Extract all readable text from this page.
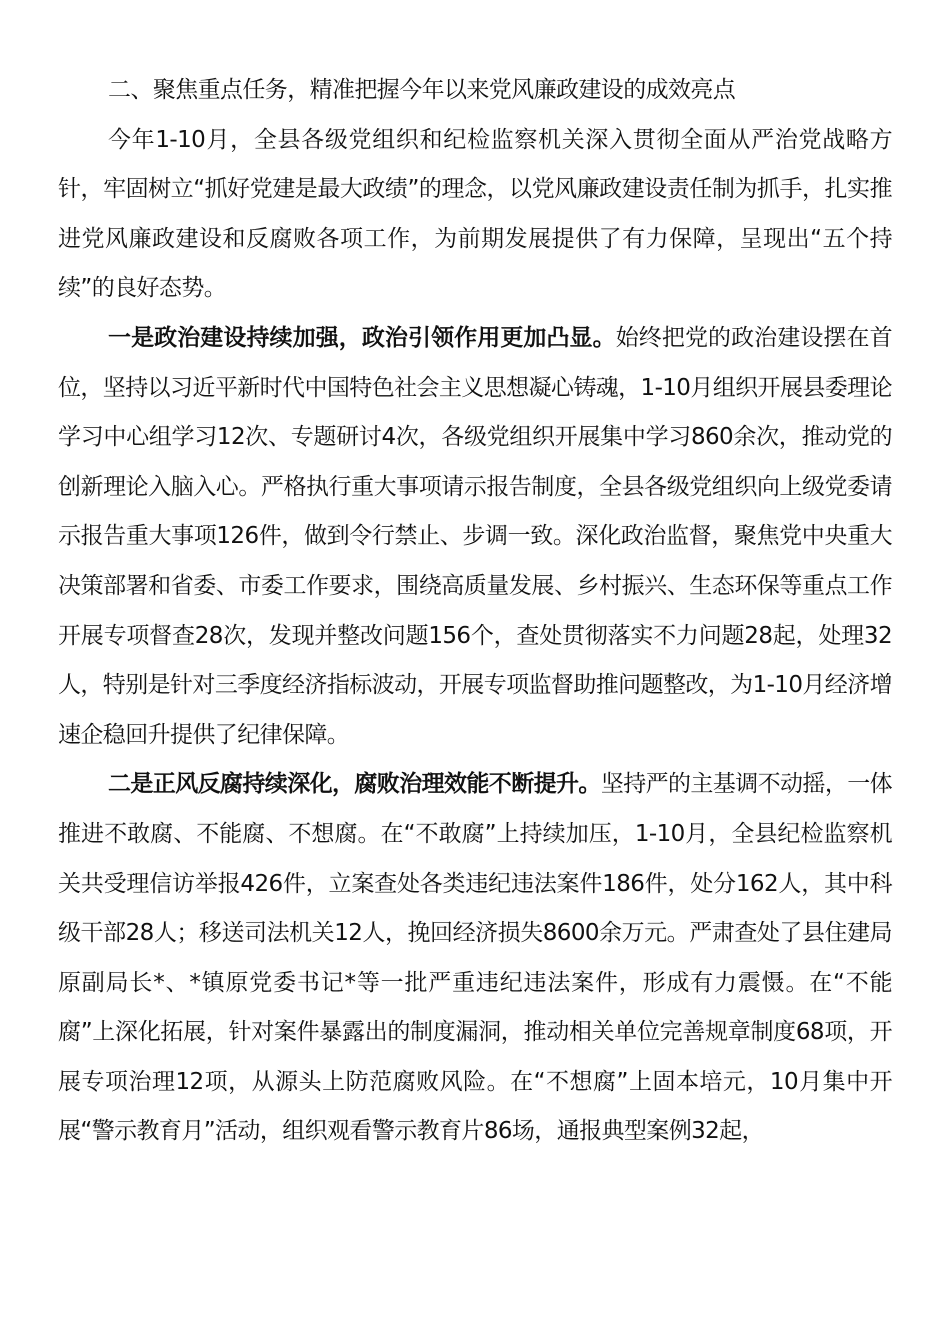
二、聚焦重点任务，精准把握今年以来党风廉政建设的成效亮点

今年1-10月，全县各级党组织和纪检监察机关深入贯彻全面从严治党战略方针，牢固树立“抓好党建是最大政绩”的理念，以党风廉政建设责任制为抓手，扎实推进党风廉政建设和反腐败各项工作，为前期发展提供了有力保障，呈现出“五个持续”的良好态势。

一是政治建设持续加强，政治引领作用更加凸显。始终把党的政治建设摆在首位，坚持以习近平新时代中国特色社会主义思想凝心铸魂，1-10月组织开展县委理论学习中心组学习12次、专题研讨4次，各级党组织开展集中学习860余次，推动党的创新理论入脑入心。严格执行重大事项请示报告制度，全县各级党组织向上级党委请示报告重大事项126件，做到令行禁止、步调一致。深化政治监督，聚焦党中央重大决策部署和省委、市委工作要求，围绕高质量发展、乡村振兴、生态环保等重点工作开展专项督查28次，发现并整改问题156个，查处贯彻落实不力问题28起，处理32人，特别是针对三季度经济指标波动，开展专项监督助推问题整改，为1-10月经济增速企稳回升提供了纪律保障。

二是正风反腐持续深化，腐败治理效能不断提升。坚持严的主基调不动摇，一体推进不敢腐、不能腐、不想腐。在“不敢腐”上持续加压，1-10月，全县纪检监察机关共受理信访举报426件，立案查处各类违纪违法案件186件，处分162人，其中科级干部28人；移送司法机关12人，挽回经济损失8600余万元。严肃查处了县住建局原副局长*、*镇原党委书记*等一批严重违纪违法案件，形成有力震慑。在“不能腐”上深化拓展，针对案件暴露出的制度漏洞，推动相关单位完善规章制度68项，开展专项治理12项，从源头上防范腐败风险。在“不想腐”上固本培元，10月集中开展“警示教育月”活动，组织观看警示教育片86场，通报典型案例32起，
